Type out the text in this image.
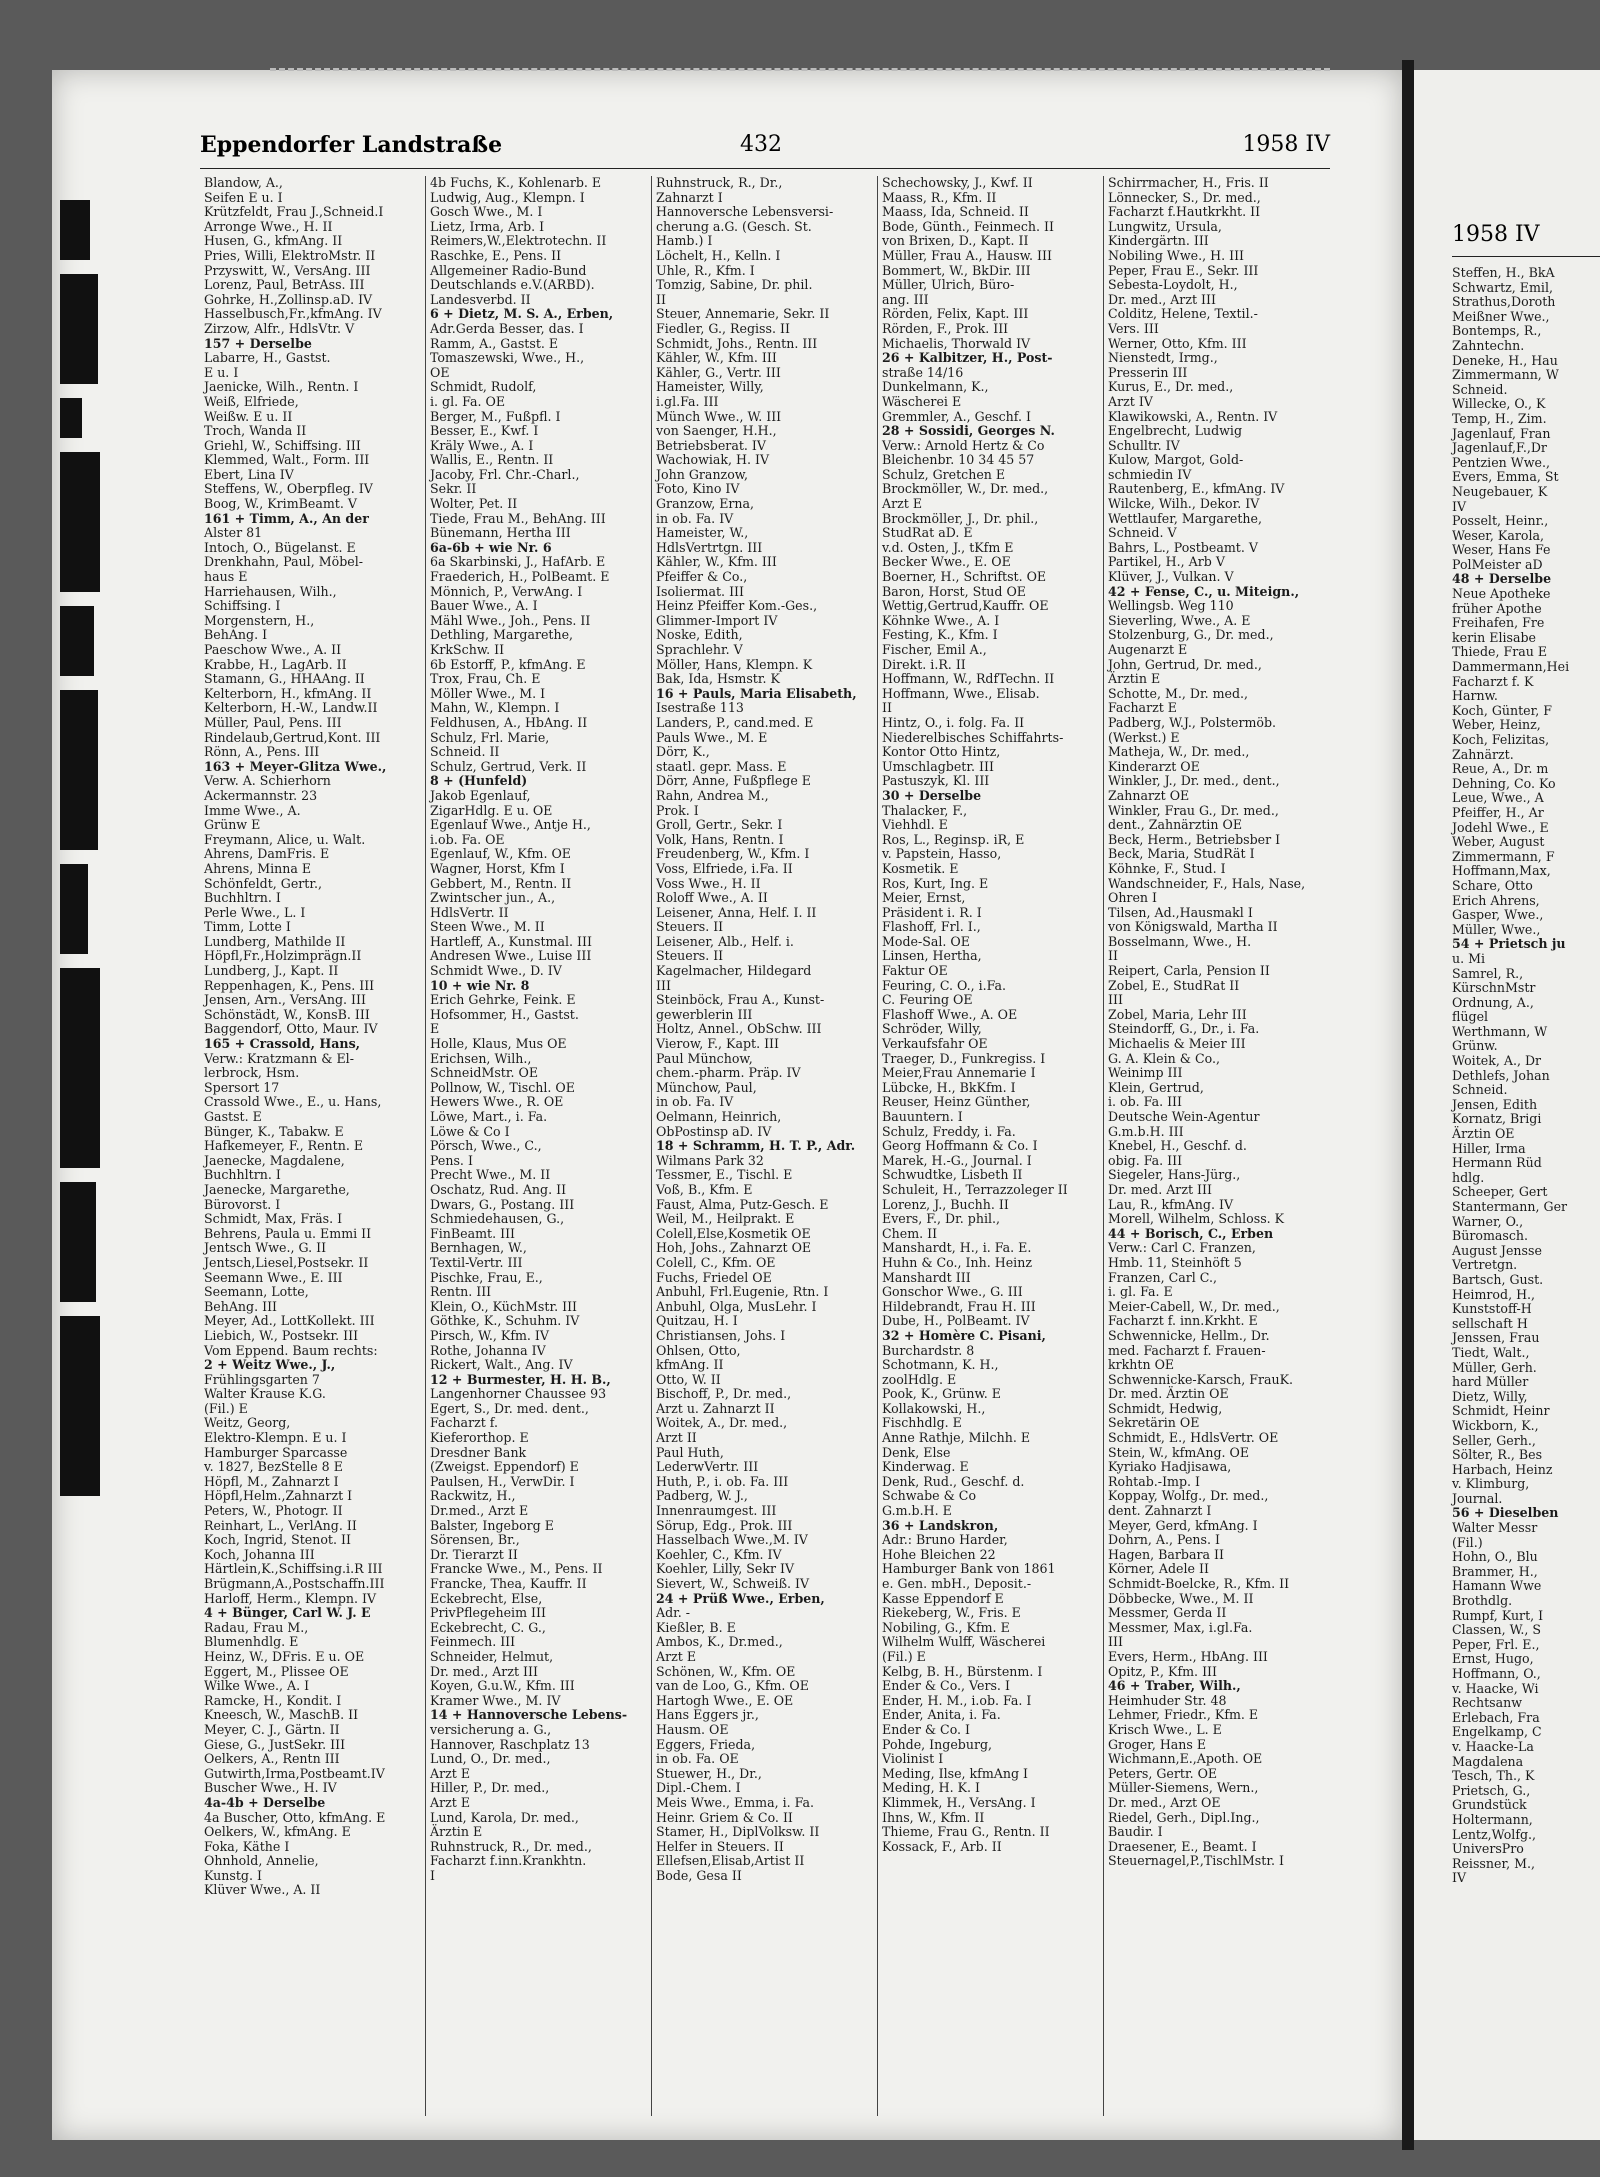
1958 IV
Steffen, H., BkA
Schwartz, Emil,
Strathus,Doroth
Meißner Wwe.,
Bontemps, R.,
Zahntechn.
Deneke, H., Hau
Zimmermann, W
Schneid.
Willecke, O., K
Temp, H., Zim.
Jagenlauf, Fran
Jagenlauf,F.,Dr
Pentzien Wwe.,
Evers, Emma, St
Neugebauer, K
IV
Posselt, Heinr.,
Weser, Karola,
Weser, Hans Fe
PolMeister aD
48 + Derselbe
Neue Apotheke
früher Apothe
Freihafen, Fre
kerin Elisabe
Thiede, Frau E
Dammermann,Hei
Facharzt f. K
Harnw.
Koch, Günter, F
Weber, Heinz,
Koch, Felizitas,
Zahnärzt.
Reue, A., Dr. m
Dehning, Co. Ko
Leue, Wwe., A
Pfeiffer, H., Ar
Jodehl Wwe., E
Weber, August
Zimmermann, F
Hoffmann,Max,
Schare, Otto
Erich Ahrens,
Gasper, Wwe.,
Müller, Wwe.,
54 + Prietsch ju
u. Mi
Samrel, R.,
KürschnMstr
Ordnung, A.,
flügel
Werthmann, W
Grünw.
Woitek, A., Dr
Dethlefs, Johan
Schneid.
Jensen, Edith
Kornatz, Brigi
Ärztin OE
Hiller, Irma
Hermann Rüd
hdlg.
Scheeper, Gert
Stantermann, Ger
Warner, O.,
Büromasch.
August Jensse
Vertretgn.
Bartsch, Gust.
Heimrod, H.,
Kunststoff-H
sellschaft H
Jenssen, Frau
Tiedt, Walt.,
Müller, Gerh.
hard Müller
Dietz, Willy,
Schmidt, Heinr
Wickborn, K.,
Seller, Gerh.,
Sölter, R., Bes
Harbach, Heinz
v. Klimburg,
Journal.
56 + Dieselben
Walter Messr
(Fil.)
Hohn, O., Blu
Brammer, H.,
Hamann Wwe
Brothdlg.
Rumpf, Kurt, I
Classen, W., S
Peper, Frl. E.,
Ernst, Hugo,
Hoffmann, O.,
v. Haacke, Wi
Rechtsanw
Erlebach, Fra
Engelkamp, C
v. Haacke-La
Magdalena
Tesch, Th., K
Prietsch, G.,
Grundstück
Holtermann,
Lentz,Wolfg.,
UniversPro
Reissner, M.,
IV
Eppendorfer Landstraße	432	1958 IV
Blandow, A.,
Seifen E u. I
Krützfeldt, Frau J.,Schneid.I
Arronge Wwe., H. II
Husen, G., kfmAng. II
Pries, Willi, ElektroMstr. II
Przyswitt, W., VersAng. III
Lorenz, Paul, BetrAss. III
Gohrke, H.,Zollinsp.aD. IV
Hasselbusch,Fr.,kfmAng. IV
Zirzow, Alfr., HdlsVtr. V
157 + Derselbe
Labarre, H., Gastst.
E u. I
Jaenicke, Wilh., Rentn. I
Weiß, Elfriede,
Weißw. E u. II
Troch, Wanda II
Griehl, W., Schiffsing. III
Klemmed, Walt., Form. III
Ebert, Lina IV
Steffens, W., Oberpfleg. IV
Boog, W., KrimBeamt. V
161 + Timm, A., An der
Alster 81
Intoch, O., Bügelanst. E
Drenkhahn, Paul, Möbel-
haus E
Harriehausen, Wilh.,
Schiffsing. I
Morgenstern, H.,
BehAng. I
Paeschow Wwe., A. II
Krabbe, H., LagArb. II
Stamann, G., HHAAng. II
Kelterborn, H., kfmAng. II
Kelterborn, H.-W., Landw.II
Müller, Paul, Pens. III
Rindelaub,Gertrud,Kont. III
Rönn, A., Pens. III
163 + Meyer-Glitza Wwe.,
Verw. A. Schierhorn
Ackermannstr. 23
Imme Wwe., A.
Grünw E
Freymann, Alice, u. Walt.
Ahrens, DamFris. E
Ahrens, Minna E
Schönfeldt, Gertr.,
Buchhltrn. I
Perle Wwe., L. I
Timm, Lotte I
Lundberg, Mathilde II
Höpfl,Fr.,Holzimprägn.II
Lundberg, J., Kapt. II
Reppenhagen, K., Pens. III
Jensen, Arn., VersAng. III
Schönstädt, W., KonsB. III
Baggendorf, Otto, Maur. IV
165 + Crassold, Hans,
Verw.: Kratzmann & El-
lerbrock, Hsm.
Spersort 17
Crassold Wwe., E., u. Hans,
Gastst. E
Bünger, K., Tabakw. E
Hafkemeyer, F., Rentn. E
Jaenecke, Magdalene,
Buchhltrn. I
Jaenecke, Margarethe,
Bürovorst. I
Schmidt, Max, Fräs. I
Behrens, Paula u. Emmi II
Jentsch Wwe., G. II
Jentsch,Liesel,Postsekr. II
Seemann Wwe., E. III
Seemann, Lotte,
BehAng. III
Meyer, Ad., LottKollekt. III
Liebich, W., Postsekr. III
Vom Eppend. Baum rechts:
2 + Weitz Wwe., J.,
Frühlingsgarten 7
Walter Krause K.G.
(Fil.) E
Weitz, Georg,
Elektro-Klempn. E u. I
Hamburger Sparcasse
v. 1827, BezStelle 8 E
Höpfl, M., Zahnarzt I
Höpfl,Helm.,Zahnarzt I
Peters, W., Photogr. II
Reinhart, L., VerlAng. II
Koch, Ingrid, Stenot. II
Koch, Johanna III
Härtlein,K.,Schiffsing.i.R III
Brügmann,A.,Postschaffn.III
Harloff, Herm., Klempn. IV
4 + Bünger, Carl W. J. E
Radau, Frau M.,
Blumenhdlg. E
Heinz, W., DFris. E u. OE
Eggert, M., Plissee OE
Wilke Wwe., A. I
Ramcke, H., Kondit. I
Kneesch, W., MaschB. II
Meyer, C. J., Gärtn. II
Giese, G., JustSekr. III
Oelkers, A., Rentn III
Gutwirth,Irma,Postbeamt.IV
Buscher Wwe., H. IV
4a-4b + Derselbe
4a Buscher, Otto, kfmAng. E
Oelkers, W., kfmAng. E
Foka, Käthe I
Ohnhold, Annelie,
Kunstg. I
Klüver Wwe., A. II
4b Fuchs, K., Kohlenarb. E
Ludwig, Aug., Klempn. I
Gosch Wwe., M. I
Lietz, Irma, Arb. I
Reimers,W.,Elektrotechn. II
Raschke, E., Pens. II
Allgemeiner Radio-Bund
Deutschlands e.V.(ARBD).
Landesverbd. II
6 + Dietz, M. S. A., Erben,
Adr.Gerda Besser, das. I
Ramm, A., Gastst. E
Tomaszewski, Wwe., H.,
OE
Schmidt, Rudolf,
i. gl. Fa. OE
Berger, M., Fußpfl. I
Besser, E., Kwf. I
Kräly Wwe., A. I
Wallis, E., Rentn. II
Jacoby, Frl. Chr.-Charl.,
Sekr. II
Wolter, Pet. II
Tiede, Frau M., BehAng. III
Bünemann, Hertha III
6a-6b + wie Nr. 6
6a Skarbinski, J., HafArb. E
Fraederich, H., PolBeamt. E
Mönnich, P., VerwAng. I
Bauer Wwe., A. I
Mähl Wwe., Joh., Pens. II
Dethling, Margarethe,
KrkSchw. II
6b Estorff, P., kfmAng. E
Trox, Frau, Ch. E
Möller Wwe., M. I
Mahn, W., Klempn. I
Feldhusen, A., HbAng. II
Schulz, Frl. Marie,
Schneid. II
Schulz, Gertrud, Verk. II
8 + (Hunfeld)
Jakob Egenlauf,
ZigarHdlg. E u. OE
Egenlauf Wwe., Antje H.,
i.ob. Fa. OE
Egenlauf, W., Kfm. OE
Wagner, Horst, Kfm I
Gebbert, M., Rentn. II
Zwintscher jun., A.,
HdlsVertr. II
Steen Wwe., M. II
Hartleff, A., Kunstmal. III
Andresen Wwe., Luise III
Schmidt Wwe., D. IV
10 + wie Nr. 8
Erich Gehrke, Feink. E
Hofsommer, H., Gastst.
E
Holle, Klaus, Mus OE
Erichsen, Wilh.,
SchneidMstr. OE
Pollnow, W., Tischl. OE
Hewers Wwe., R. OE
Löwe, Mart., i. Fa.
Löwe & Co I
Pörsch, Wwe., C.,
Pens. I
Precht Wwe., M. II
Oschatz, Rud. Ang. II
Dwars, G., Postang. III
Schmiedehausen, G.,
FinBeamt. III
Bernhagen, W.,
Textil-Vertr. III
Pischke, Frau, E.,
Rentn. III
Klein, O., KüchMstr. III
Göthke, K., Schuhm. IV
Pirsch, W., Kfm. IV
Rothe, Johanna IV
Rickert, Walt., Ang. IV
12 + Burmester, H. H. B.,
Langenhorner Chaussee 93
Egert, S., Dr. med. dent.,
Facharzt f.
Kieferorthop. E
Dresdner Bank
(Zweigst. Eppendorf) E
Paulsen, H., VerwDir. I
Rackwitz, H.,
Dr.med., Arzt E
Balster, Ingeborg E
Sörensen, Br.,
Dr. Tierarzt II
Francke Wwe., M., Pens. II
Francke, Thea, Kauffr. II
Eckebrecht, Else,
PrivPflegeheim III
Eckebrecht, C. G.,
Feinmech. III
Schneider, Helmut,
Dr. med., Arzt III
Koyen, G.u.W., Kfm. III
Kramer Wwe., M. IV
14 + Hannoversche Lebens-
versicherung a. G.,
Hannover, Raschplatz 13
Lund, O., Dr. med.,
Arzt E
Hiller, P., Dr. med.,
Arzt E
Lund, Karola, Dr. med.,
Ärztin E
Ruhnstruck, R., Dr. med.,
Facharzt f.inn.Krankhtn.
I
Ruhnstruck, R., Dr.,
Zahnarzt I
Hannoversche Lebensversi-
cherung a.G. (Gesch. St.
Hamb.) I
Löchelt, H., Kelln. I
Uhle, R., Kfm. I
Tomzig, Sabine, Dr. phil.
II
Steuer, Annemarie, Sekr. II
Fiedler, G., Regiss. II
Schmidt, Johs., Rentn. III
Kähler, W., Kfm. III
Kähler, G., Vertr. III
Hameister, Willy,
i.gl.Fa. III
Münch Wwe., W. III
von Saenger, H.H.,
Betriebsberat. IV
Wachowiak, H. IV
John Granzow,
Foto, Kino IV
Granzow, Erna,
in ob. Fa. IV
Hameister, W.,
HdlsVertrtgn. III
Kähler, W., Kfm. III
Pfeiffer & Co.,
Isoliermat. III
Heinz Pfeiffer Kom.-Ges.,
Glimmer-Import IV
Noske, Edith,
Sprachlehr. V
Möller, Hans, Klempn. K
Bak, Ida, Hsmstr. K
16 + Pauls, Maria Elisabeth,
Isestraße 113
Landers, P., cand.med. E
Pauls Wwe., M. E
Dörr, K.,
staatl. gepr. Mass. E
Dörr, Anne, Fußpflege E
Rahn, Andrea M.,
Prok. I
Groll, Gertr., Sekr. I
Volk, Hans, Rentn. I
Freudenberg, W., Kfm. I
Voss, Elfriede, i.Fa. II
Voss Wwe., H. II
Roloff Wwe., A. II
Leisener, Anna, Helf. I. II
Steuers. II
Leisener, Alb., Helf. i.
Steuers. II
Kagelmacher, Hildegard
III
Steinböck, Frau A., Kunst-
gewerblerin III
Holtz, Annel., ObSchw. III
Vierow, F., Kapt. III
Paul Münchow,
chem.-pharm. Präp. IV
Münchow, Paul,
in ob. Fa. IV
Oelmann, Heinrich,
ObPostinsp aD. IV
18 + Schramm, H. T. P., Adr.
Wilmans Park 32
Tessmer, E., Tischl. E
Voß, B., Kfm. E
Faust, Alma, Putz-Gesch. E
Weil, M., Heilprakt. E
Colell,Else,Kosmetik OE
Hoh, Johs., Zahnarzt OE
Colell, C., Kfm. OE
Fuchs, Friedel OE
Anbuhl, Frl.Eugenie, Rtn. I
Anbuhl, Olga, MusLehr. I
Quitzau, H. I
Christiansen, Johs. I
Ohlsen, Otto,
kfmAng. II
Otto, W. II
Bischoff, P., Dr. med.,
Arzt u. Zahnarzt II
Woitek, A., Dr. med.,
Arzt II
Paul Huth,
LederwVertr. III
Huth, P., i. ob. Fa. III
Padberg, W. J.,
Innenraumgest. III
Sörup, Edg., Prok. III
Hasselbach Wwe.,M. IV
Koehler, C., Kfm. IV
Koehler, Lilly, Sekr IV
Sievert, W., Schweiß. IV
24 + Prüß Wwe., Erben,
Adr. -
Kießler, B. E
Ambos, K., Dr.med.,
Arzt E
Schönen, W., Kfm. OE
van de Loo, G., Kfm. OE
Hartogh Wwe., E. OE
Hans Eggers jr.,
Hausm. OE
Eggers, Frieda,
in ob. Fa. OE
Stuewer, H., Dr.,
Dipl.-Chem. I
Meis Wwe., Emma, i. Fa.
Heinr. Griem & Co. II
Stamer, H., DiplVolksw. II
Helfer in Steuers. II
Ellefsen,Elisab,Artist II
Bode, Gesa II
Schechowsky, J., Kwf. II
Maass, R., Kfm. II
Maass, Ida, Schneid. II
Bode, Günth., Feinmech. II
von Brixen, D., Kapt. II
Müller, Frau A., Hausw. III
Bommert, W., BkDir. III
Müller, Ulrich, Büro-
ang. III
Rörden, Felix, Kapt. III
Rörden, F., Prok. III
Michaelis, Thorwald IV
26 + Kalbitzer, H., Post-
straße 14/16
Dunkelmann, K.,
Wäscherei E
Gremmler, A., Geschf. I
28 + Sossidi, Georges N.
Verw.: Arnold Hertz & Co
Bleichenbr. 10 34 45 57
Schulz, Gretchen E
Brockmöller, W., Dr. med.,
Arzt E
Brockmöller, J., Dr. phil.,
StudRat aD. E
v.d. Osten, J., tKfm E
Becker Wwe., E. OE
Boerner, H., Schriftst. OE
Baron, Horst, Stud OE
Wettig,Gertrud,Kauffr. OE
Köhnke Wwe., A. I
Festing, K., Kfm. I
Fischer, Emil A.,
Direkt. i.R. II
Hoffmann, W., RdfTechn. II
Hoffmann, Wwe., Elisab.
II
Hintz, O., i. folg. Fa. II
Niederelbisches Schiffahrts-
Kontor Otto Hintz,
Umschlagbetr. III
Pastuszyk, Kl. III
30 + Derselbe
Thalacker, F.,
Viehhdl. E
Ros, L., Reginsp. iR, E
v. Papstein, Hasso,
Kosmetik. E
Ros, Kurt, Ing. E
Meier, Ernst,
Präsident i. R. I
Flashoff, Frl. I.,
Mode-Sal. OE
Linsen, Hertha,
Faktur OE
Feuring, C. O., i.Fa.
C. Feuring OE
Flashoff Wwe., A. OE
Schröder, Willy,
Verkaufsfahr OE
Traeger, D., Funkregiss. I
Meier,Frau Annemarie I
Lübcke, H., BkKfm. I
Reuser, Heinz Günther,
Bauuntern. I
Schulz, Freddy, i. Fa.
Georg Hoffmann & Co. I
Marek, H.-G., Journal. I
Schwudtke, Lisbeth II
Schuleit, H., Terrazzoleger II
Lorenz, J., Buchh. II
Evers, F., Dr. phil.,
Chem. II
Manshardt, H., i. Fa. E.
Huhn & Co., Inh. Heinz
Manshardt III
Gonschor Wwe., G. III
Hildebrandt, Frau H. III
Dube, H., PolBeamt. IV
32 + Homère C. Pisani,
Burchardstr. 8
Schotmann, K. H.,
zoolHdlg. E
Pook, K., Grünw. E
Kollakowski, H.,
Fischhdlg. E
Anne Rathje, Milchh. E
Denk, Else
Kinderwag. E
Denk, Rud., Geschf. d.
Schwabe & Co
G.m.b.H. E
36 + Landskron,
Adr.: Bruno Harder,
Hohe Bleichen 22
Hamburger Bank von 1861
e. Gen. mbH., Deposit.-
Kasse Eppendorf E
Riekeberg, W., Fris. E
Nobiling, G., Kfm. E
Wilhelm Wulff, Wäscherei
(Fil.) E
Kelbg, B. H., Bürstenm. I
Ender & Co., Vers. I
Ender, H. M., i.ob. Fa. I
Ender, Anita, i. Fa.
Ender & Co. I
Pohde, Ingeburg,
Violinist I
Meding, Ilse, kfmAng I
Meding, H. K. I
Klimmek, H., VersAng. I
Ihns, W., Kfm. II
Thieme, Frau G., Rentn. II
Kossack, F., Arb. II
Schirrmacher, H., Fris. II
Lönnecker, S., Dr. med.,
Facharzt f.Hautkrkht. II
Lungwitz, Ursula,
Kindergärtn. III
Nobiling Wwe., H. III
Peper, Frau E., Sekr. III
Sebesta-Loydolt, H.,
Dr. med., Arzt III
Colditz, Helene, Textil.-
Vers. III
Werner, Otto, Kfm. III
Nienstedt, Irmg.,
Presserin III
Kurus, E., Dr. med.,
Arzt IV
Klawikowski, A., Rentn. IV
Engelbrecht, Ludwig
Schulltr. IV
Kulow, Margot, Gold-
schmiedin IV
Rautenberg, E., kfmAng. IV
Wilcke, Wilh., Dekor. IV
Wettlaufer, Margarethe,
Schneid. V
Bahrs, L., Postbeamt. V
Partikel, H., Arb V
Klüver, J., Vulkan. V
42 + Fense, C., u. Miteign.,
Wellingsb. Weg 110
Sieverling, Wwe., A. E
Stolzenburg, G., Dr. med.,
Augenarzt E
John, Gertrud, Dr. med.,
Ärztin E
Schotte, M., Dr. med.,
Facharzt E
Padberg, W.J., Polstermöb.
(Werkst.) E
Matheja, W., Dr. med.,
Kinderarzt OE
Winkler, J., Dr. med., dent.,
Zahnarzt OE
Winkler, Frau G., Dr. med.,
dent., Zahnärztin OE
Beck, Herm., Betriebsber I
Beck, Maria, StudRät I
Köhnke, F., Stud. I
Wandschneider, F., Hals, Nase,
Ohren I
Tilsen, Ad.,Hausmakl I
von Königswald, Martha II
Bosselmann, Wwe., H.
II
Reipert, Carla, Pension II
Zobel, E., StudRat II
III
Zobel, Maria, Lehr III
Steindorff, G., Dr., i. Fa.
Michaelis & Meier III
G. A. Klein & Co.,
Weinimp III
Klein, Gertrud,
i. ob. Fa. III
Deutsche Wein-Agentur
G.m.b.H. III
Knebel, H., Geschf. d.
obig. Fa. III
Siegeler, Hans-Jürg.,
Dr. med. Arzt III
Lau, R., kfmAng. IV
Morell, Wilhelm, Schloss. K
44 + Borisch, C., Erben
Verw.: Carl C. Franzen,
Hmb. 11, Steinhöft 5
Franzen, Carl C.,
i. gl. Fa. E
Meier-Cabell, W., Dr. med.,
Facharzt f. inn.Krkht. E
Schwennicke, Hellm., Dr.
med. Facharzt f. Frauen-
krkhtn OE
Schwennicke-Karsch, FrauK.
Dr. med. Ärztin OE
Schmidt, Hedwig,
Sekretärin OE
Schmidt, E., HdlsVertr. OE
Stein, W., kfmAng. OE
Kyriako Hadjisawa,
Rohtab.-Imp. I
Koppay, Wolfg., Dr. med.,
dent. Zahnarzt I
Meyer, Gerd, kfmAng. I
Dohrn, A., Pens. I
Hagen, Barbara II
Körner, Adele II
Schmidt-Boelcke, R., Kfm. II
Döbbecke, Wwe., M. II
Messmer, Gerda II
Messmer, Max, i.gl.Fa.
III
Evers, Herm., HbAng. III
Opitz, P., Kfm. III
46 + Traber, Wilh.,
Heimhuder Str. 48
Lehmer, Friedr., Kfm. E
Krisch Wwe., L. E
Groger, Hans E
Wichmann,E.,Apoth. OE
Peters, Gertr. OE
Müller-Siemens, Wern.,
Dr. med., Arzt OE
Riedel, Gerh., Dipl.Ing.,
Baudir. I
Draesener, E., Beamt. I
Steuernagel,P.,TischlMstr. I
